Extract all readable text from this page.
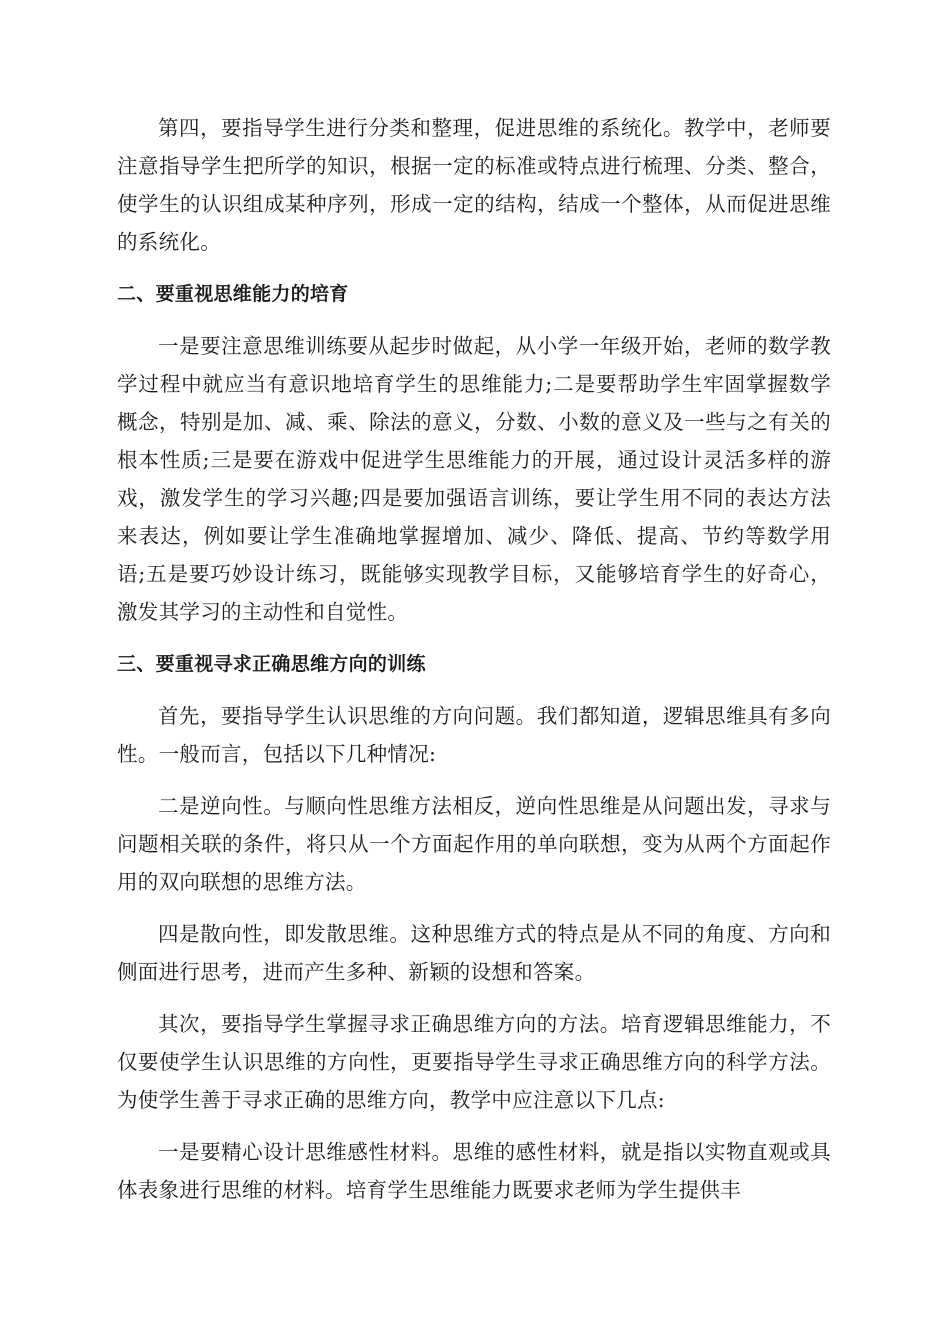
第四，要指导学生进行分类和整理，促进思维的系统化。教学中，老师要注意指导学生把所学的知识，根据一定的标准或特点进行梳理、分类、整合，使学生的认识组成某种序列，形成一定的结构，结成一个整体，从而促进思维的系统化。

二、要重视思维能力的培育

一是要注意思维训练要从起步时做起，从小学一年级开始，老师的数学教学过程中就应当有意识地培育学生的思维能力;二是要帮助学生牢固掌握数学概念，特别是加、减、乘、除法的意义，分数、小数的意义及一些与之有关的根本性质;三是要在游戏中促进学生思维能力的开展，通过设计灵活多样的游戏，激发学生的学习兴趣;四是要加强语言训练，要让学生用不同的表达方法来表达，例如要让学生准确地掌握增加、减少、降低、提高、节约等数学用语;五是要巧妙设计练习，既能够实现教学目标，又能够培育学生的好奇心，激发其学习的主动性和自觉性。

三、要重视寻求正确思维方向的训练

首先，要指导学生认识思维的方向问题。我们都知道，逻辑思维具有多向性。一般而言，包括以下几种情况:

二是逆向性。与顺向性思维方法相反，逆向性思维是从问题出发，寻求与问题相关联的条件，将只从一个方面起作用的单向联想，变为从两个方面起作用的双向联想的思维方法。

四是散向性，即发散思维。这种思维方式的特点是从不同的角度、方向和侧面进行思考，进而产生多种、新颖的设想和答案。

其次，要指导学生掌握寻求正确思维方向的方法。培育逻辑思维能力，不仅要使学生认识思维的方向性，更要指导学生寻求正确思维方向的科学方法。为使学生善于寻求正确的思维方向，教学中应注意以下几点:

一是要精心设计思维感性材料。思维的感性材料，就是指以实物直观或具体表象进行思维的材料。培育学生思维能力既要求老师为学生提供丰
